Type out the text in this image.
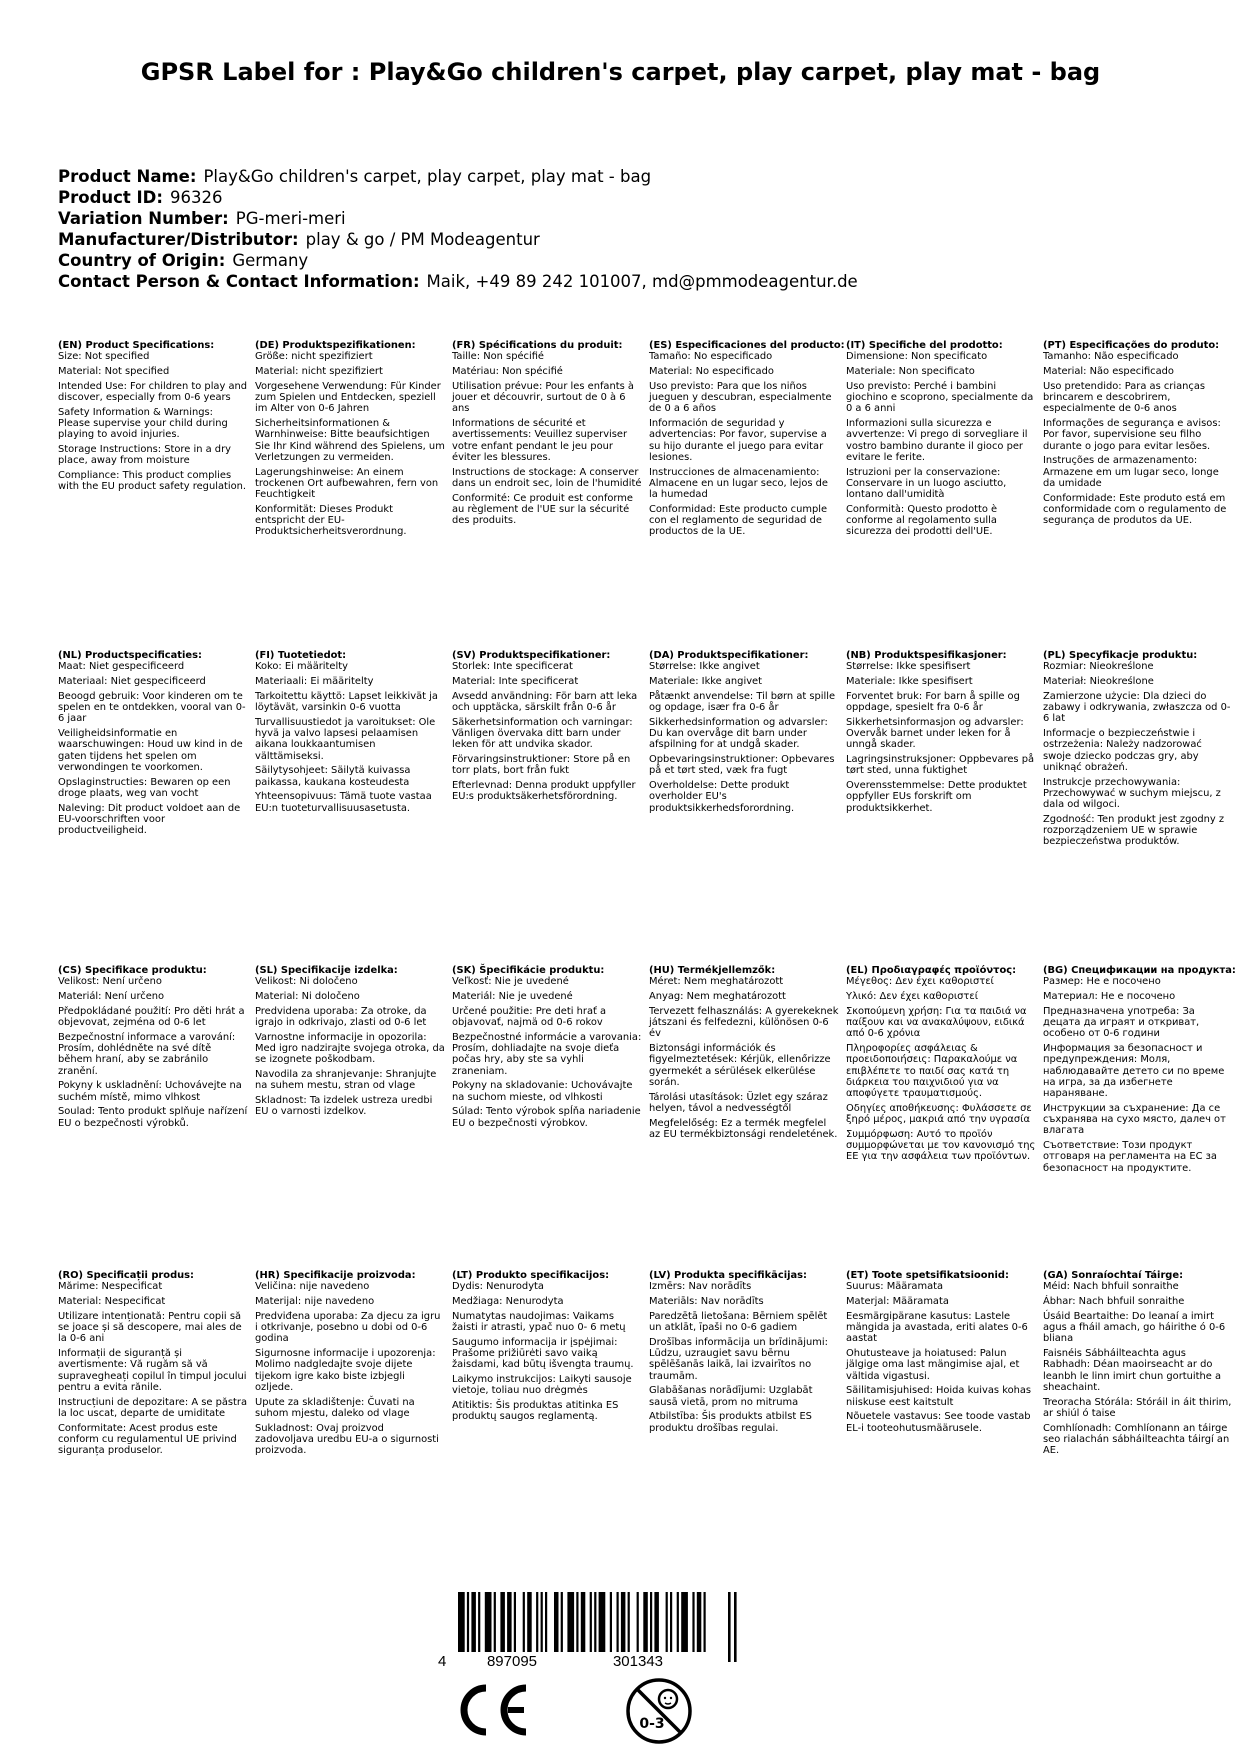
GPSR Label for : Play&Go children's carpet, play carpet, play mat - bag
Product Name: Play&Go children's carpet, play carpet, play mat - bag
Product ID: 96326
Variation Number: PG-meri-meri
Manufacturer/Distributor: play & go / PM Modeagentur
Country of Origin: Germany
Contact Person & Contact Information: Maik, +49 89 242 101007, md@pmmodeagentur.de
(EN) Product Specifications:

Size: Not specified

Material: Not specified

Intended Use: For children to play and discover, especially from 0-6 years

Safety Information & Warnings: Please supervise your child during playing to avoid injuries.

Storage Instructions: Store in a dry place, away from moisture

Compliance: This product complies with the EU product safety regulation.

(DE) Produktspezifikationen:

Größe: nicht spezifiziert

Material: nicht spezifiziert

Vorgesehene Verwendung: Für Kinder zum Spielen und Entdecken, speziell im Alter von 0-6 Jahren

Sicherheitsinformationen & Warnhinweise: Bitte beaufsichtigen Sie Ihr Kind während des Spielens, um Verletzungen zu vermeiden.

Lagerungshinweise: An einem trockenen Ort aufbewahren, fern von Feuchtigkeit

Konformität: Dieses Produkt entspricht der EU-Produktsicherheitsverordnung.

(FR) Spécifications du produit:

Taille: Non spécifié

Matériau: Non spécifié

Utilisation prévue: Pour les enfants à jouer et découvrir, surtout de 0 à 6 ans

Informations de sécurité et avertissements: Veuillez superviser votre enfant pendant le jeu pour éviter les blessures.

Instructions de stockage: A conserver dans un endroit sec, loin de l'humidité

Conformité: Ce produit est conforme au règlement de l'UE sur la sécurité des produits.

(ES) Especificaciones del producto:

Tamaño: No especificado

Material: No especificado

Uso previsto: Para que los niños jueguen y descubran, especialmente de 0 a 6 años

Información de seguridad y advertencias: Por favor, supervise a su hijo durante el juego para evitar lesiones.

Instrucciones de almacenamiento: Almacene en un lugar seco, lejos de la humedad

Conformidad: Este producto cumple con el reglamento de seguridad de productos de la UE.

(IT) Specifiche del prodotto:

Dimensione: Non specificato

Materiale: Non specificato

Uso previsto: Perché i bambini giochino e scoprono, specialmente da 0 a 6 anni

Informazioni sulla sicurezza e avvertenze: Vi prego di sorvegliare il vostro bambino durante il gioco per evitare le ferite.

Istruzioni per la conservazione: Conservare in un luogo asciutto, lontano dall'umidità

Conformità: Questo prodotto è conforme al regolamento sulla sicurezza dei prodotti dell'UE.

(PT) Especificações do produto:

Tamanho: Não especificado

Material: Não especificado

Uso pretendido: Para as crianças brincarem e descobrirem, especialmente de 0-6 anos

Informações de segurança e avisos: Por favor, supervisione seu filho durante o jogo para evitar lesões.

Instruções de armazenamento: Armazene em um lugar seco, longe da umidade

Conformidade: Este produto está em conformidade com o regulamento de segurança de produtos da UE.

(NL) Productspecificaties:

Maat: Niet gespecificeerd

Materiaal: Niet gespecificeerd

Beoogd gebruik: Voor kinderen om te spelen en te ontdekken, vooral van 0-6 jaar

Veiligheidsinformatie en waarschuwingen: Houd uw kind in de gaten tijdens het spelen om verwondingen te voorkomen.

Opslaginstructies: Bewaren op een droge plaats, weg van vocht

Naleving: Dit product voldoet aan de EU-voorschriften voor productveiligheid.

(FI) Tuotetiedot:

Koko: Ei määritelty

Materiaali: Ei määritelty

Tarkoitettu käyttö: Lapset leikkivät ja löytävät, varsinkin 0-6 vuotta

Turvallisuustiedot ja varoitukset: Ole hyvä ja valvo lapsesi pelaamisen aikana loukkaantumisen välttämiseksi.

Säilytysohjeet: Säilytä kuivassa paikassa, kaukana kosteudesta

Yhteensopivuus: Tämä tuote vastaa EU:n tuoteturvallisuusasetusta.

(SV) Produktspecifikationer:

Storlek: Inte specificerat

Material: Inte specificerat

Avsedd användning: För barn att leka och upptäcka, särskilt från 0-6 år

Säkerhetsinformation och varningar: Vänligen övervaka ditt barn under leken för att undvika skador.

Förvaringsinstruktioner: Store på en torr plats, bort från fukt

Efterlevnad: Denna produkt uppfyller EU:s produktsäkerhetsförordning.

(DA) Produktspecifikationer:

Størrelse: Ikke angivet

Materiale: Ikke angivet

Påtænkt anvendelse: Til børn at spille og opdage, især fra 0-6 år

Sikkerhedsinformation og advarsler: Du kan overvåge dit barn under afspilning for at undgå skader.

Opbevaringsinstruktioner: Opbevares på et tørt sted, væk fra fugt

Overholdelse: Dette produkt overholder EU's produktsikkerhedsforordning.

(NB) Produktspesifikasjoner:

Størrelse: Ikke spesifisert

Materiale: Ikke spesifisert

Forventet bruk: For barn å spille og oppdage, spesielt fra 0-6 år

Sikkerhetsinformasjon og advarsler: Overvåk barnet under leken for å unngå skader.

Lagringsinstruksjoner: Oppbevares på tørt sted, unna fuktighet

Overensstemmelse: Dette produktet oppfyller EUs forskrift om produktsikkerhet.

(PL) Specyfikacje produktu:

Rozmiar: Nieokreślone

Materiał: Nieokreślone

Zamierzone użycie: Dla dzieci do zabawy i odkrywania, zwłaszcza od 0- 6 lat

Informacje o bezpieczeństwie i ostrzeżenia: Należy nadzorować swoje dziecko podczas gry, aby uniknąć obrażeń.

Instrukcje przechowywania: Przechowywać w suchym miejscu, z dala od wilgoci.

Zgodność: Ten produkt jest zgodny z rozporządzeniem UE w sprawie bezpieczeństwa produktów.

(CS) Specifikace produktu:

Velikost: Není určeno

Materiál: Není určeno

Předpokládané použití: Pro děti hrát a objevovat, zejména od 0-6 let

Bezpečnostní informace a varování: Prosím, dohlédněte na své dítě během hraní, aby se zabránilo zranění.

Pokyny k uskladnění: Uchovávejte na suchém místě, mimo vlhkost

Soulad: Tento produkt splňuje nařízení EU o bezpečnosti výrobků.

(SL) Specifikacije izdelka:

Velikost: Ni določeno

Material: Ni določeno

Predvidena uporaba: Za otroke, da igrajo in odkrivajo, zlasti od 0-6 let

Varnostne informacije in opozorila: Med igro nadzirajte svojega otroka, da se izognete poškodbam.

Navodila za shranjevanje: Shranjujte na suhem mestu, stran od vlage

Skladnost: Ta izdelek ustreza uredbi EU o varnosti izdelkov.

(SK) Špecifikácie produktu:

Veľkosť: Nie je uvedené

Materiál: Nie je uvedené

Určené použitie: Pre deti hrať a objavovať, najmä od 0-6 rokov

Bezpečnostné informácie a varovania: Prosím, dohliadajte na svoje dieťa počas hry, aby ste sa vyhli zraneniam.

Pokyny na skladovanie: Uchovávajte na suchom mieste, od vlhkosti

Súlad: Tento výrobok spĺňa nariadenie EU o bezpečnosti výrobkov.

(HU) Termékjellemzők:

Méret: Nem meghatározott

Anyag: Nem meghatározott

Tervezett felhasználás: A gyerekeknek játszani és felfedezni, különösen 0-6 év

Biztonsági információk és figyelmeztetések: Kérjük, ellenőrizze gyermekét a sérülések elkerülése során.

Tárolási utasítások: Üzlet egy száraz helyen, távol a nedvességtől

Megfelelőség: Ez a termék megfelel az EU termékbiztonsági rendeletének.

(EL) Προδιαγραφές προϊόντος:

Μέγεθος: Δεν έχει καθοριστεί

Υλικό: Δεν έχει καθοριστεί

Σκοπούμενη χρήση: Για τα παιδιά να παίξουν και να ανακαλύψουν, ειδικά από 0-6 χρόνια

Πληροφορίες ασφάλειας & προειδοποιήσεις: Παρακαλούμε να επιβλέπετε το παιδί σας κατά τη διάρκεια του παιχνιδιού για να αποφύγετε τραυματισμούς.

Οδηγίες αποθήκευσης: Φυλάσσετε σε ξηρό μέρος, μακριά από την υγρασία

Συμμόρφωση: Αυτό το προϊόν συμμορφώνεται με τον κανονισμό της ΕΕ για την ασφάλεια των προϊόντων.

(BG) Спецификации на продукта:

Размер: Не е посочено

Материал: Не е посочено

Предназначена употреба: За децата да играят и откриват, особено от 0-6 години

Информация за безопасност и предупреждения: Моля, наблюдавайте детето си по време на игра, за да избегнете нараняване.

Инструкции за съхранение: Да се съхранява на сухо място, далеч от влагата

Съответствие: Този продукт отговаря на регламента на ЕС за безопасност на продуктите.

(RO) Specificații produs:

Mărime: Nespecificat

Material: Nespecificat

Utilizare intenționată: Pentru copii să se joace și să descopere, mai ales de la 0-6 ani

Informații de siguranță și avertismente: Vă rugăm să vă supravegheați copilul în timpul jocului pentru a evita rănile.

Instrucțiuni de depozitare: A se păstra la loc uscat, departe de umiditate

Conformitate: Acest produs este conform cu regulamentul UE privind siguranța produselor.

(HR) Specifikacije proizvoda:

Veličina: nije navedeno

Materijal: nije navedeno

Predviđena uporaba: Za djecu za igru i otkrivanje, posebno u dobi od 0-6 godina

Sigurnosne informacije i upozorenja: Molimo nadgledajte svoje dijete tijekom igre kako biste izbjegli ozljede.

Upute za skladištenje: Čuvati na suhom mjestu, daleko od vlage

Sukladnost: Ovaj proizvod zadovoljava uredbu EU-a o sigurnosti proizvoda.

(LT) Produkto specifikacijos:

Dydis: Nenurodyta

Medžiaga: Nenurodyta

Numatytas naudojimas: Vaikams žaisti ir atrasti, ypač nuo 0- 6 metų

Saugumo informacija ir įspėjimai: Prašome prižiūrėti savo vaiką žaisdami, kad būtų išvengta traumų.

Laikymo instrukcijos: Laikyti sausoje vietoje, toliau nuo drėgmės

Atitiktis: Šis produktas atitinka ES produktų saugos reglamentą.

(LV) Produkta specifikācijas:

Izmērs: Nav norādīts

Materiāls: Nav norādīts

Paredzētā lietošana: Bērniem spēlēt un atklāt, īpaši no 0-6 gadiem

Drošības informācija un brīdinājumi: Lūdzu, uzraugiet savu bērnu spēlēšanās laikā, lai izvairītos no traumām.

Glabāšanas norādījumi: Uzglabāt sausā vietā, prom no mitruma

Atbilstība: Šis produkts atbilst ES produktu drošības regulai.

(ET) Toote spetsifikatsioonid:

Suurus: Määramata

Materjal: Määramata

Eesmärgipärane kasutus: Lastele mängida ja avastada, eriti alates 0-6 aastat

Ohutusteave ja hoiatused: Palun jälgige oma last mängimise ajal, et vältida vigastusi.

Säilitamisjuhised: Hoida kuivas kohas niiskuse eest kaitstult

Nõuetele vastavus: See toode vastab EL-i tooteohutusmäärusele.

(GA) Sonraíochtaí Táirge:

Méid: Nach bhfuil sonraithe

Ábhar: Nach bhfuil sonraithe

Úsáid Beartaithe: Do leanaí a imirt agus a fháil amach, go háirithe ó 0-6 bliana

Faisnéis Sábháilteachta agus Rabhadh: Déan maoirseacht ar do leanbh le linn imirt chun gortuithe a sheachaint.

Treoracha Stórála: Stóráil in áit thirim, ar shiúl ó taise

Comhlíonadh: Comhlíonann an táirge seo rialachán sábháilteachta táirgí an AE.

4	897095	301343
CE
0-3
